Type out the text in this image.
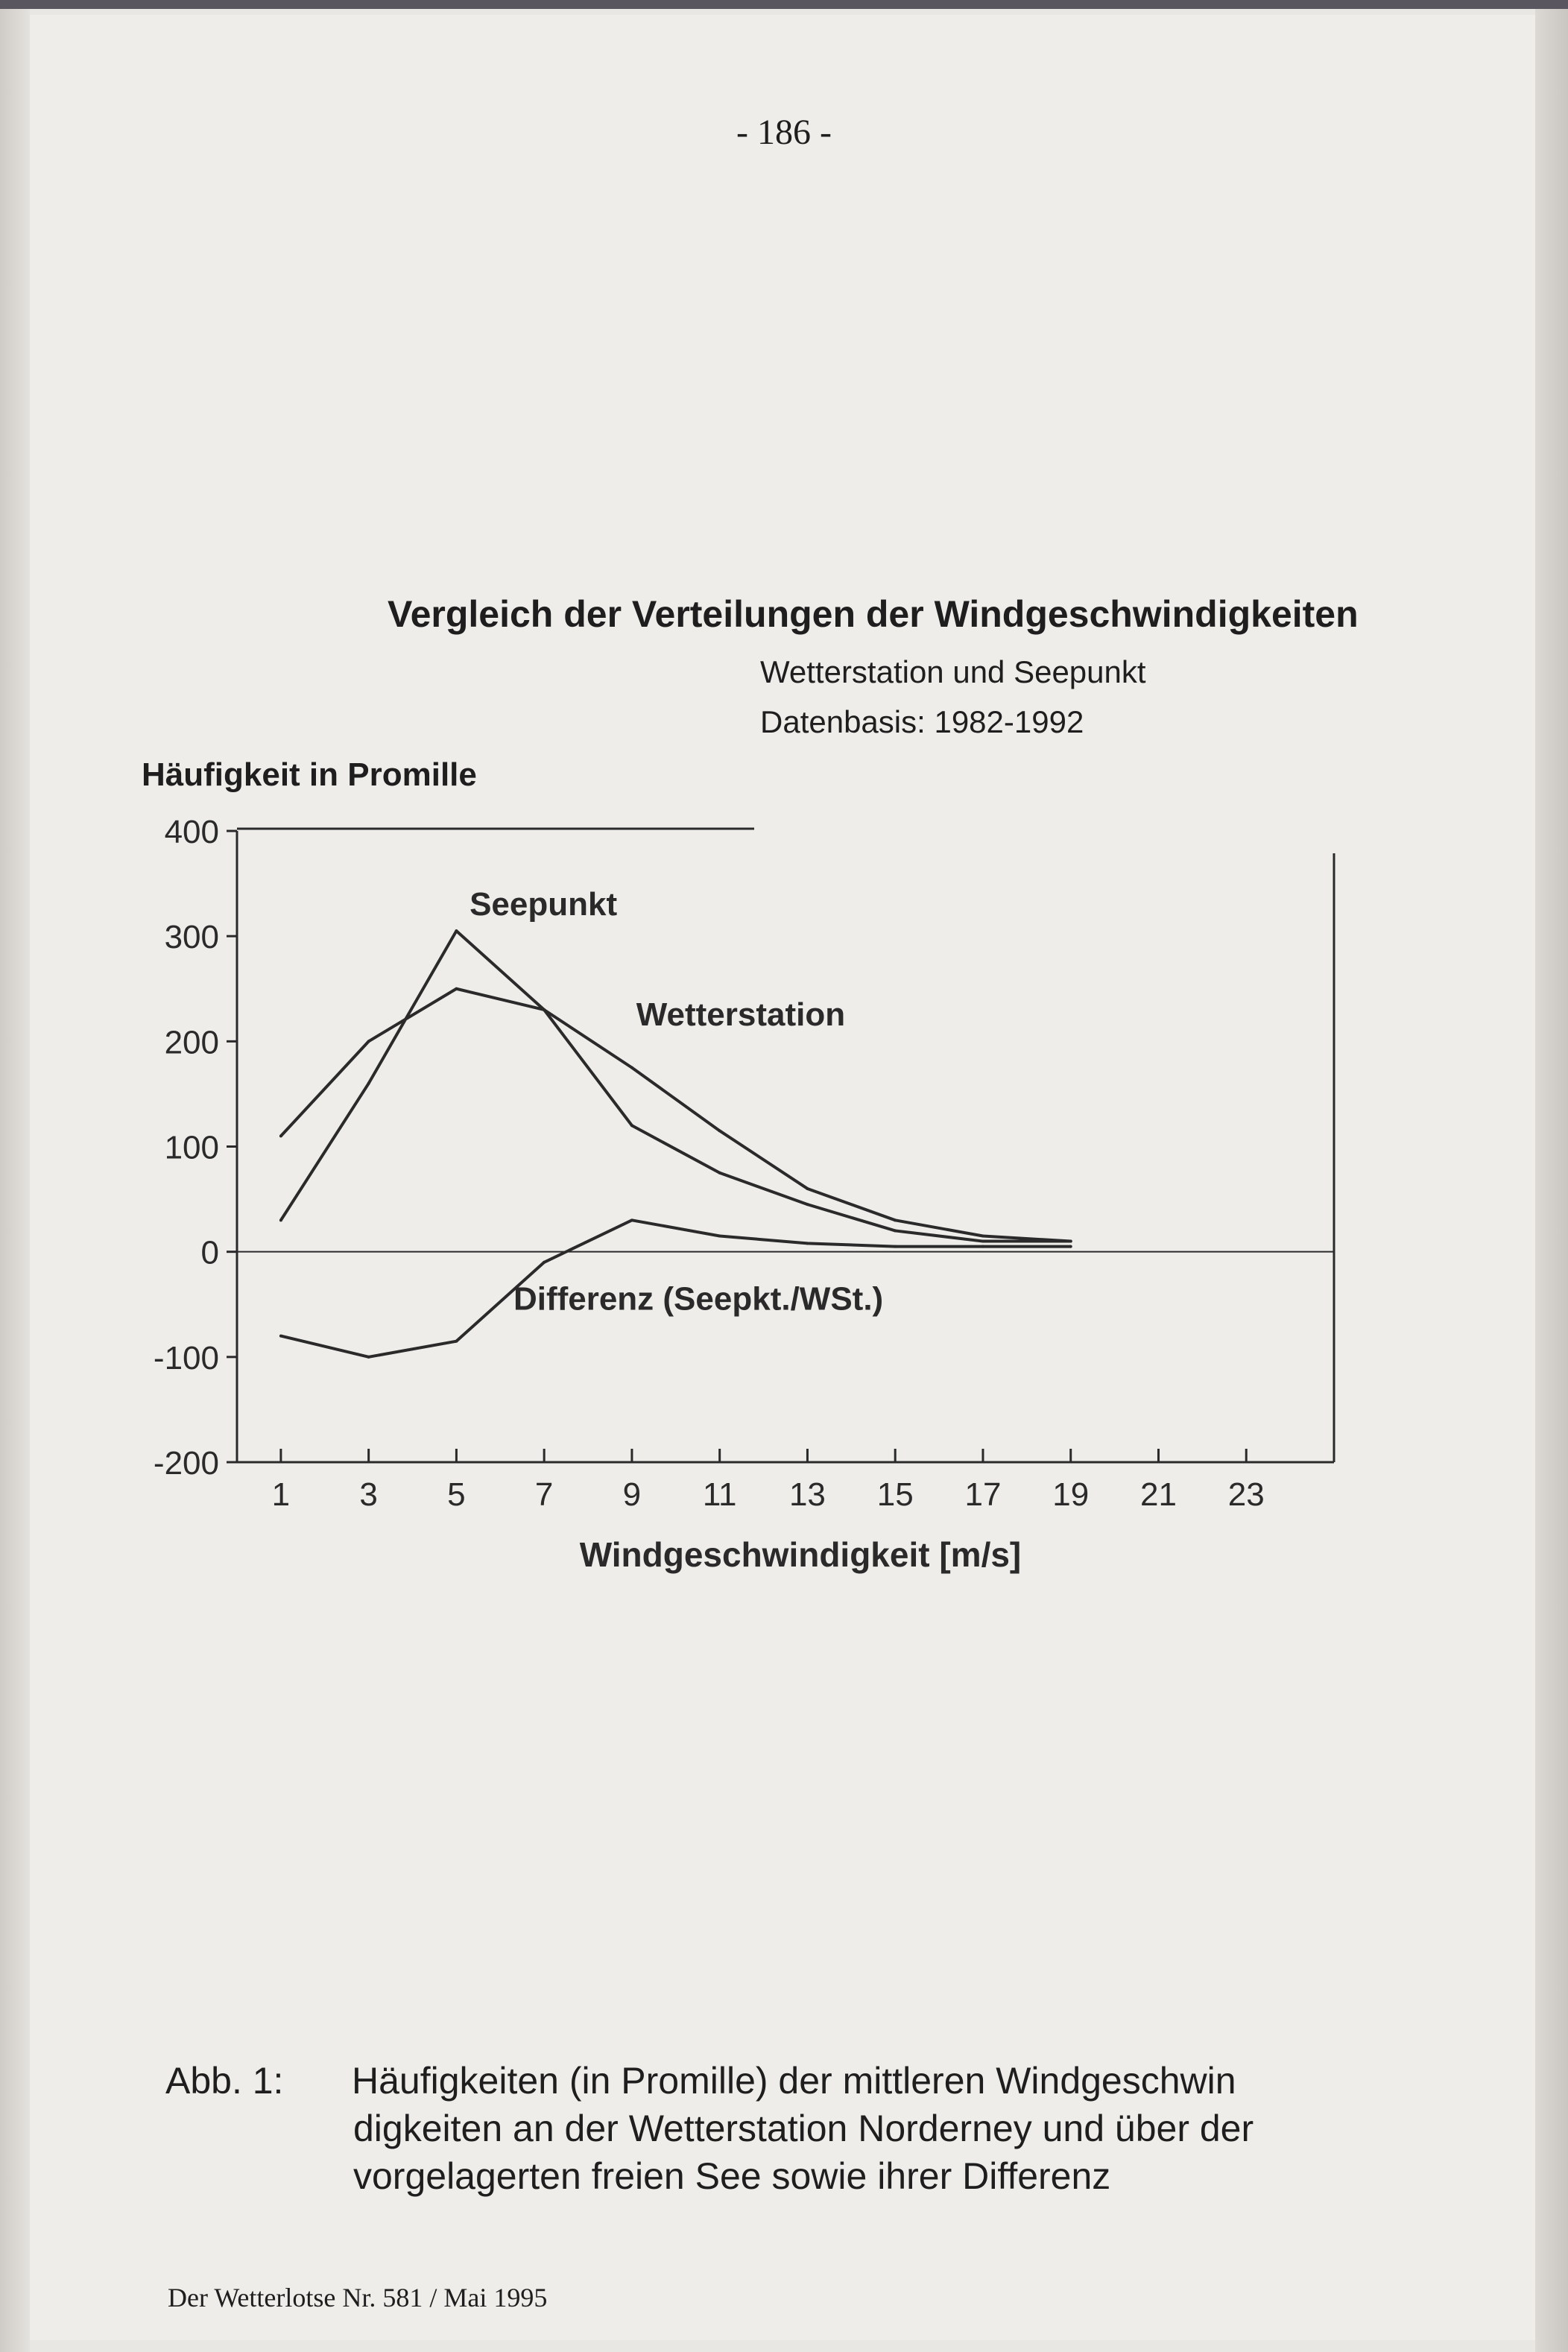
- 186 -
Vergleich der Verteilungen der Windgeschwindigkeiten
Wetterstation und Seepunkt
Datenbasis: 1982-1992
Häufigkeit in Promille
-200
-100
0
100
200
300
400
1 3 5 7 9 11 13 15 17 19 21 23
Windgeschwindigkeit [m/s]
Seepunkt
Wetterstation
Differenz (Seepkt./WSt.)
Abb. 1: Häufigkeiten (in Promille) der mittleren Windgeschwin
digkeiten an der Wetterstation Norderney und über der
vorgelagerten freien See sowie ihrer Differenz
Der Wetterlotse Nr. 581 / Mai 1995
